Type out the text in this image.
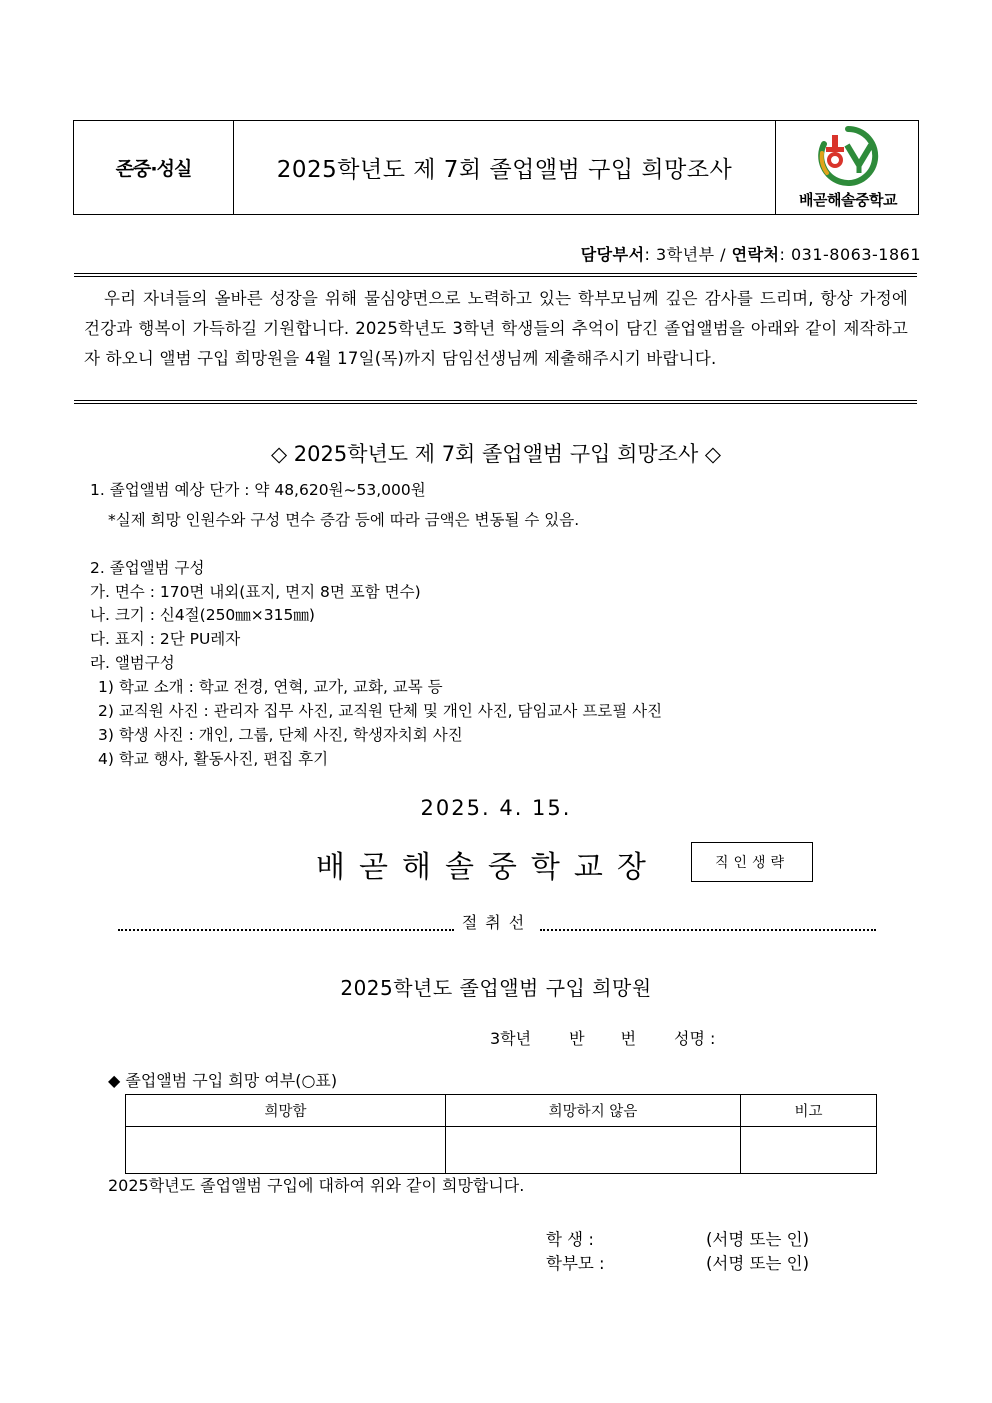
존중·성실	2025학년도 제 7회 졸업앨범 구입 희망조사
배곧해솔중학교
담당부서: 3학년부 / 연락처: 031-8063-1861
우리 자녀들의 올바른 성장을 위해 물심양면으로 노력하고 있는 학부모님께 깊은 감사를 드리며, 항상 가정에 건강과 행복이 가득하길 기원합니다. 2025학년도 3학년 학생들의 추억이 담긴 졸업앨범을 아래와 같이 제작하고자 하오니 앨범 구입 희망원을 4월 17일(목)까지 담임선생님께 제출해주시기 바랍니다.
◇ 2025학년도 제 7회 졸업앨범 구입 희망조사 ◇
1. 졸업앨범 예상 단가 : 약 48,620원~53,000원
*실제 희망 인원수와 구성 면수 증감 등에 따라 금액은 변동될 수 있음.
2. 졸업앨범 구성
가. 면수 : 170면 내외(표지, 면지 8면 포함 면수)
나. 크기 : 신4절(250㎜×315㎜)
다. 표지 : 2단 PU레자
라. 앨범구성
1) 학교 소개 : 학교 전경, 연혁, 교가, 교화, 교목 등
2) 교직원 사진 : 관리자 집무 사진, 교직원 단체 및 개인 사진, 담임교사 프로필 사진
3) 학생 사진 : 개인, 그룹, 단체 사진, 학생자치회 사진
4) 학교 행사, 활동사진, 편집 후기
2025. 4. 15.
배곧해솔중학교장	직인생략
절취선
2025학년도 졸업앨범 구입 희망원
3학년 반 번 성명 :
◆ 졸업앨범 구입 희망 여부(○표)
희망함	희망하지 않음	비고

2025학년도 졸업앨범 구입에 대하여 위와 같이 희망합니다.
학 생 :	(서명 또는 인)
학부모 :	(서명 또는 인)
